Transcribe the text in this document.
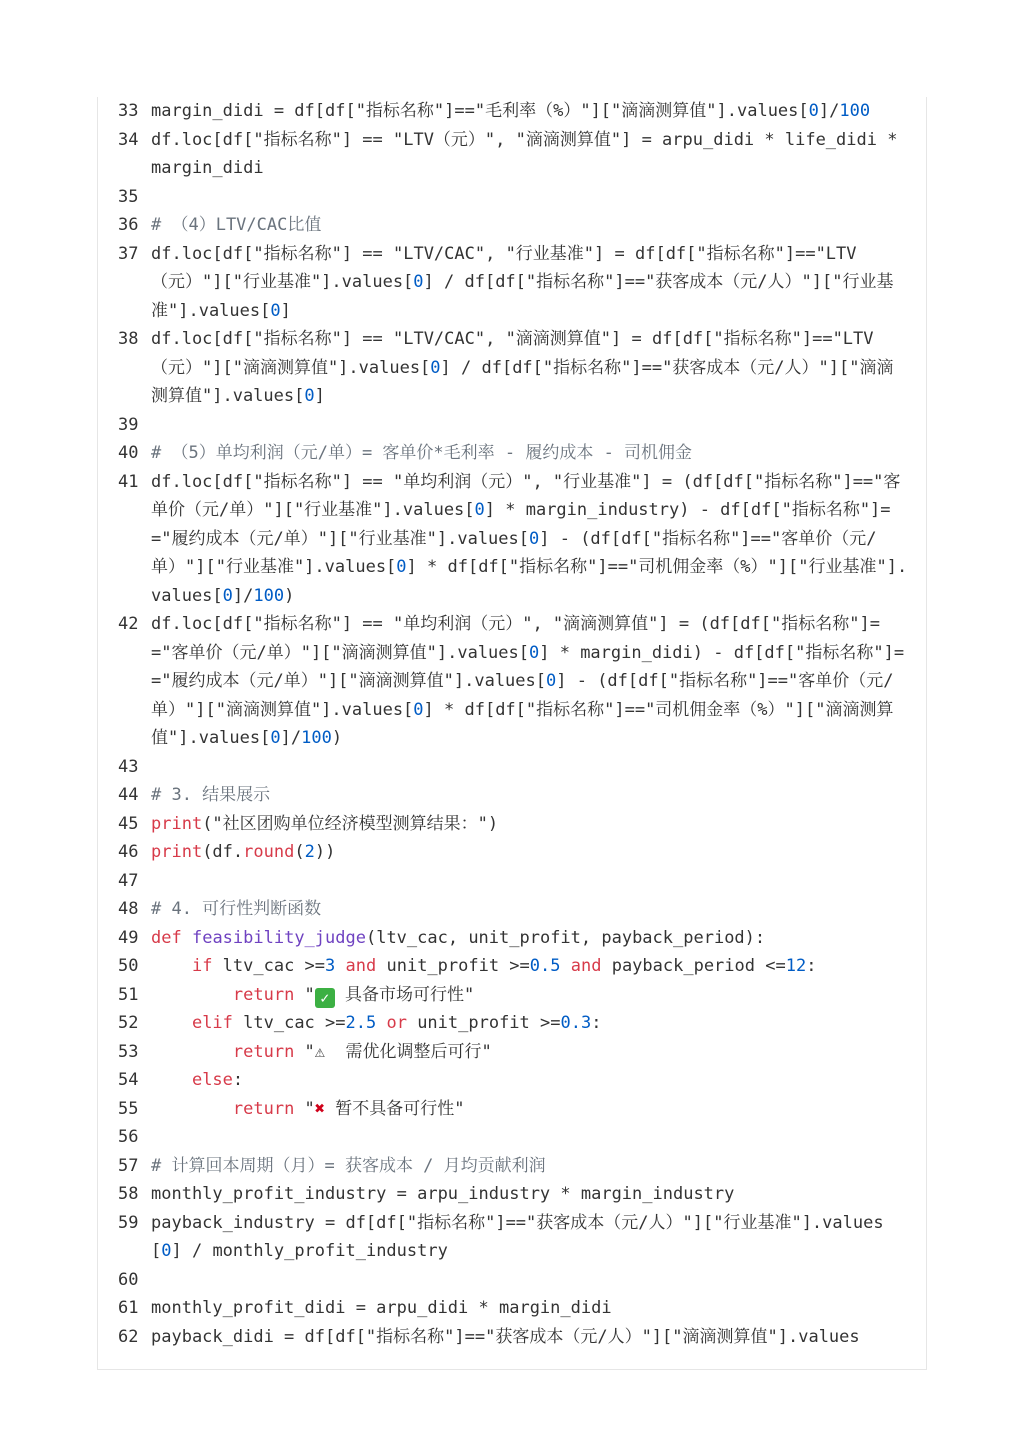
33 margin_didi = df[df["指标名称"]=="毛利率（%）"]["滴滴测算值"].values[0]/100
34 df.loc[df["指标名称"] == "LTV（元）", "滴滴测算值"] = arpu_didi * life_didi * margin_didi
35

36 # （4）LTV/CAC比值
37 df.loc[df["指标名称"] == "LTV/CAC", "行业基准"] = df[df["指标名称"]=="LTV（元）"]["行业基准"].values[0] / df[df["指标名称"]=="获客成本（元/人）"]["行业基准"].values[0]
38 df.loc[df["指标名称"] == "LTV/CAC", "滴滴测算值"] = df[df["指标名称"]=="LTV（元）"]["滴滴测算值"].values[0] / df[df["指标名称"]=="获客成本（元/人）"]["滴滴测算值"].values[0]
39

40 # （5）单均利润（元/单）= 客单价*毛利率 - 履约成本 - 司机佣金
41 df.loc[df["指标名称"] == "单均利润（元）", "行业基准"] = (df[df["指标名称"]=="客单价（元/单）"]["行业基准"].values[0] * margin_industry) - df[df["指标名称"]=="履约成本（元/单）"]["行业基准"].values[0] - (df[df["指标名称"]=="客单价（元/单）"]["行业基准"].values[0] * df[df["指标名称"]=="司机佣金率（%）"]["行业基准"].values[0]/100)
42 df.loc[df["指标名称"] == "单均利润（元）", "滴滴测算值"] = (df[df["指标名称"]=="客单价（元/单）"]["滴滴测算值"].values[0] * margin_didi) - df[df["指标名称"]=="履约成本（元/单）"]["滴滴测算值"].values[0] - (df[df["指标名称"]=="客单价（元/单）"]["滴滴测算值"].values[0] * df[df["指标名称"]=="司机佣金率（%）"]["滴滴测算值"].values[0]/100)
43

44 # 3. 结果展示
45 print("社区团购单位经济模型测算结果：")
46 print(df.round(2))
47

48 # 4. 可行性判断函数
49 def feasibility_judge(ltv_cac, unit_profit, payback_period):
50	if ltv_cac >=3 and unit_profit >=0.5 and payback_period <=12:
51	return " ✓ 具备市场可行性"
52	elif ltv_cac >=2.5 or unit_profit >=0.3:
53	return "⚠  需优化调整后可行"
54	else:
55	return "✖ 暂不具备可行性"
56

57 # 计算回本周期（月）= 获客成本 / 月均贡献利润
58 monthly_profit_industry = arpu_industry * margin_industry
59 payback_industry = df[df["指标名称"]=="获客成本（元/人）"]["行业基准"].values[0] / monthly_profit_industry
60

61 monthly_profit_didi = arpu_didi * margin_didi
62 payback_didi = df[df["指标名称"]=="获客成本（元/人）"]["滴滴测算值"].values
